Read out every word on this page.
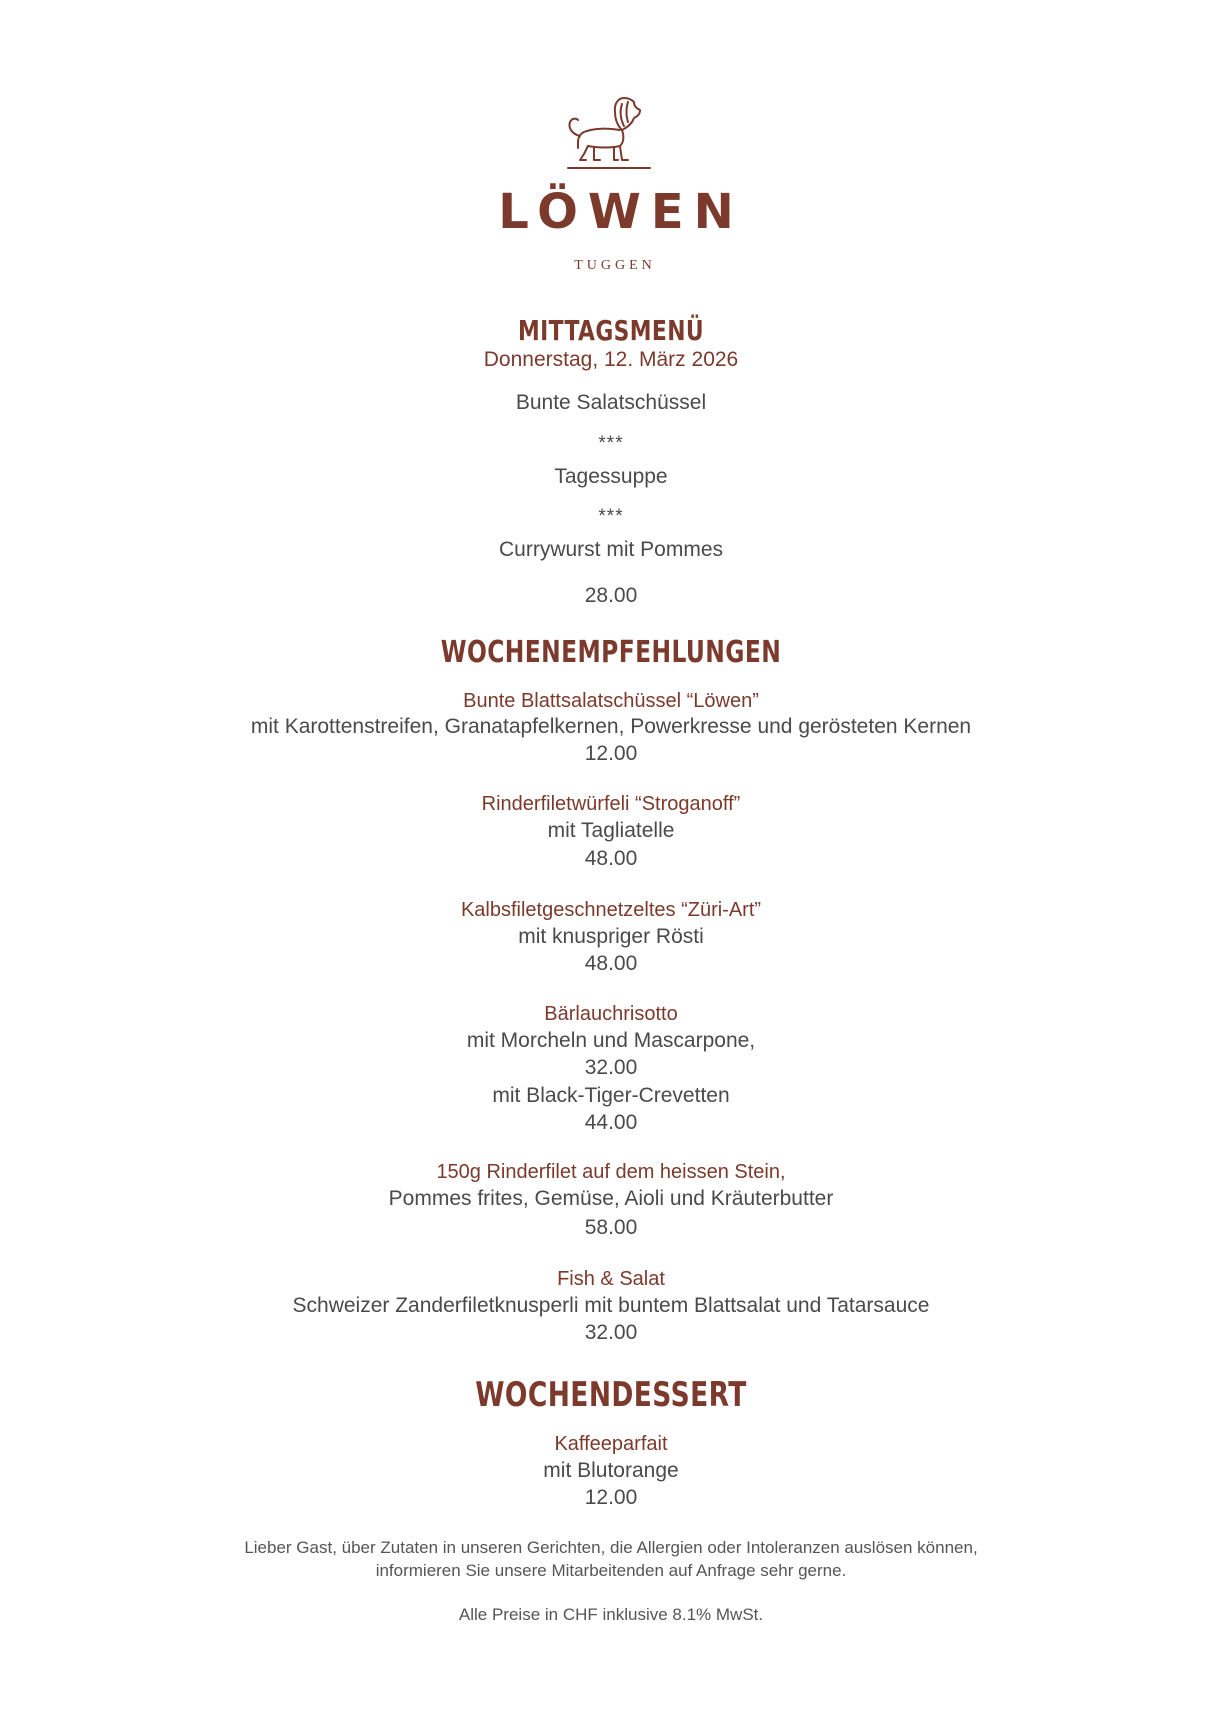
LÖWEN
TUGGEN
MITTAGSMENÜ
Donnerstag, 12. März 2026
Bunte Salatschüssel
***
Tagessuppe
***
Currywurst mit Pommes
28.00
WOCHENEMPFEHLUNGEN
Bunte Blattsalatschüssel “Löwen”
mit Karottenstreifen, Granatapfelkernen, Powerkresse und gerösteten Kernen
12.00
Rinderfiletwürfeli “Stroganoff”
mit Tagliatelle
48.00
Kalbsfiletgeschnetzeltes “Züri-Art”
mit knuspriger Rösti
48.00
Bärlauchrisotto
mit Morcheln und Mascarpone,
32.00
mit Black-Tiger-Crevetten
44.00
150g Rinderfilet auf dem heissen Stein,
Pommes frites, Gemüse, Aioli und Kräuterbutter
58.00
Fish & Salat
Schweizer Zanderfiletknusperli mit buntem Blattsalat und Tatarsauce
32.00
WOCHENDESSERT
Kaffeeparfait
mit Blutorange
12.00
Lieber Gast, über Zutaten in unseren Gerichten, die Allergien oder Intoleranzen auslösen können,
informieren Sie unsere Mitarbeitenden auf Anfrage sehr gerne.
Alle Preise in CHF inklusive 8.1% MwSt.
